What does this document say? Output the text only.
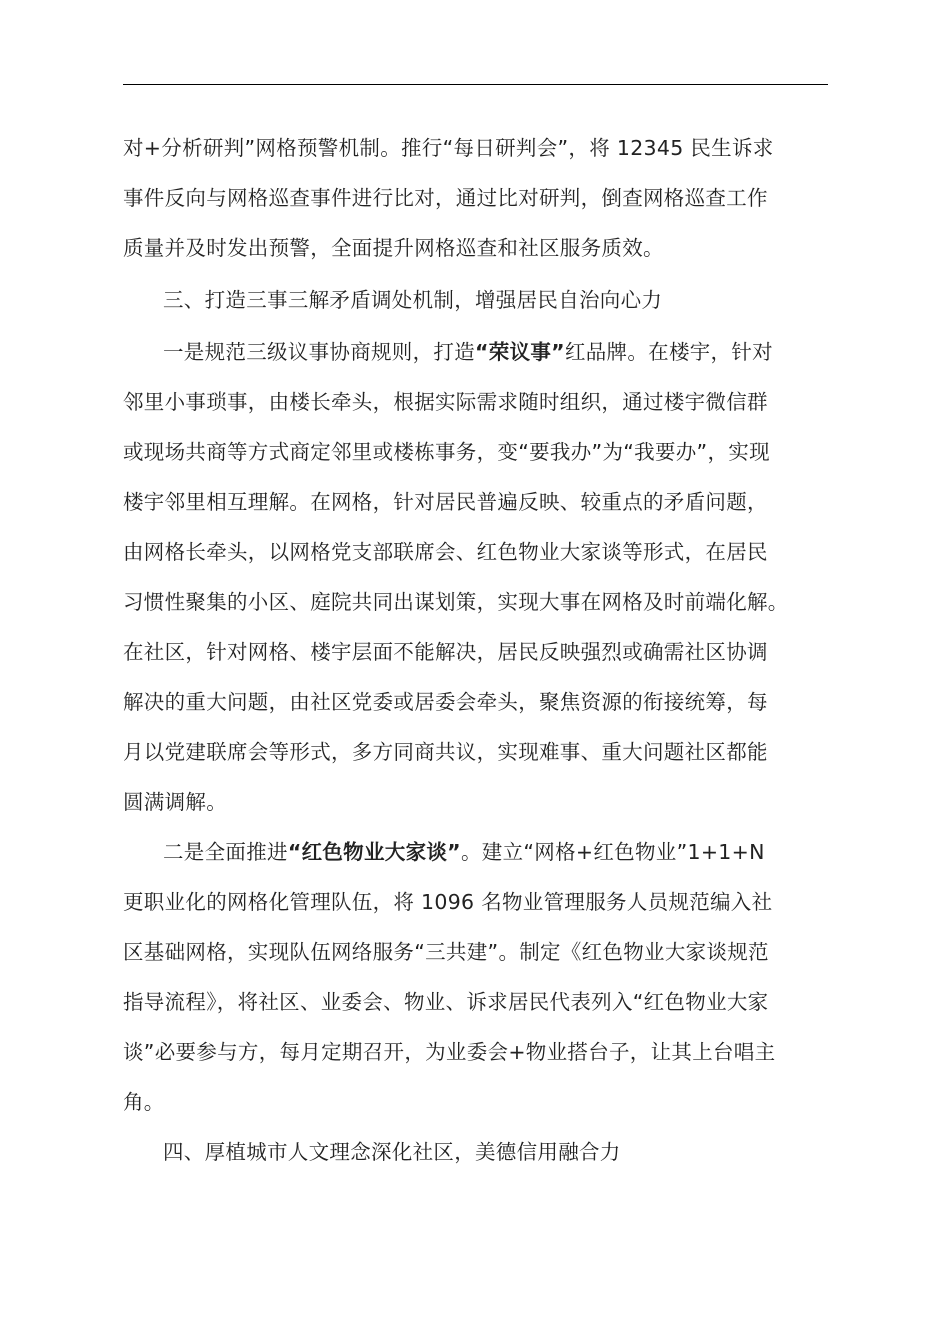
对+分析研判”网格预警机制。推行“每日研判会”，将 12345 民生诉求
事件反向与网格巡查事件进行比对，通过比对研判，倒查网格巡查工作
质量并及时发出预警，全面提升网格巡查和社区服务质效。
三、打造三事三解矛盾调处机制，增强居民自治向心力
一是规范三级议事协商规则，打造“荣议事”红品牌。在楼宇，针对
邻里小事琐事，由楼长牵头，根据实际需求随时组织，通过楼宇微信群
或现场共商等方式商定邻里或楼栋事务，变“要我办”为“我要办”，实现
楼宇邻里相互理解。在网格，针对居民普遍反映、较重点的矛盾问题，
由网格长牵头，以网格党支部联席会、红色物业大家谈等形式，在居民
习惯性聚集的小区、庭院共同出谋划策，实现大事在网格及时前端化解。
在社区，针对网格、楼宇层面不能解决，居民反映强烈或确需社区协调
解决的重大问题，由社区党委或居委会牵头，聚焦资源的衔接统筹，每
月以党建联席会等形式，多方同商共议，实现难事、重大问题社区都能
圆满调解。
二是全面推进“红色物业大家谈”。建立“网格+红色物业”1+1+N
更职业化的网格化管理队伍，将 1096 名物业管理服务人员规范编入社
区基础网格，实现队伍网络服务“三共建”。制定《红色物业大家谈规范
指导流程》，将社区、业委会、物业、诉求居民代表列入“红色物业大家
谈”必要参与方，每月定期召开，为业委会+物业搭台子，让其上台唱主
角。
四、厚植城市人文理念深化社区，美德信用融合力
